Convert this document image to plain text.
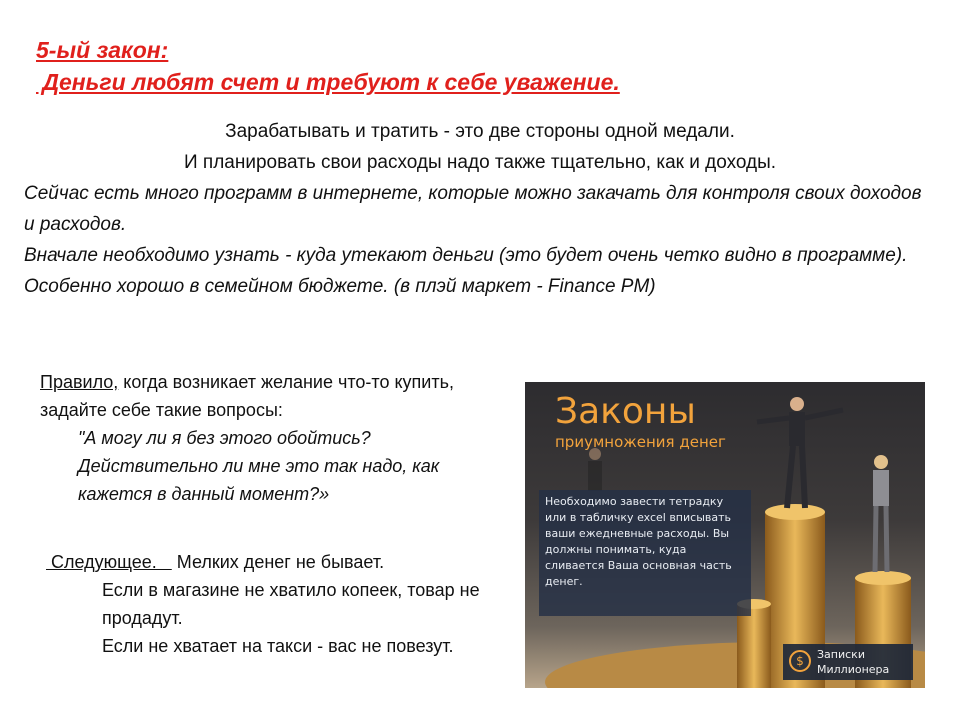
5-ый закон:
Деньги любят счет и требуют к себе уважение.
Зарабатывать и тратить - это две стороны одной медали.
И планировать свои расходы надо также тщательно, как и доходы.
Сейчас есть много программ в интернете, которые можно закачать для контроля своих доходов и расходов.
Вначале необходимо узнать - куда утекают деньги (это будет очень четко видно в программе).
Особенно хорошо в семейном бюджете. (в плэй маркет - Finance PM)
Правило, когда возникает желание что-то купить, задайте себе такие вопросы:
"А могу ли я без этого обойтись?
Действительно ли мне это так надо, как кажется в данный момент?»
Следующее.    Мелких денег не бывает.
Если в магазине не хватило копеек, товар не продадут.
Если не хватает на такси - вас не повезут.
Законы
приумножения денег
Необходимо завести тетрадку или в табличку excel вписывать ваши ежедневные расходы. Вы должны понимать, куда сливается Ваша основная часть денег.
$	Записки Миллионера
